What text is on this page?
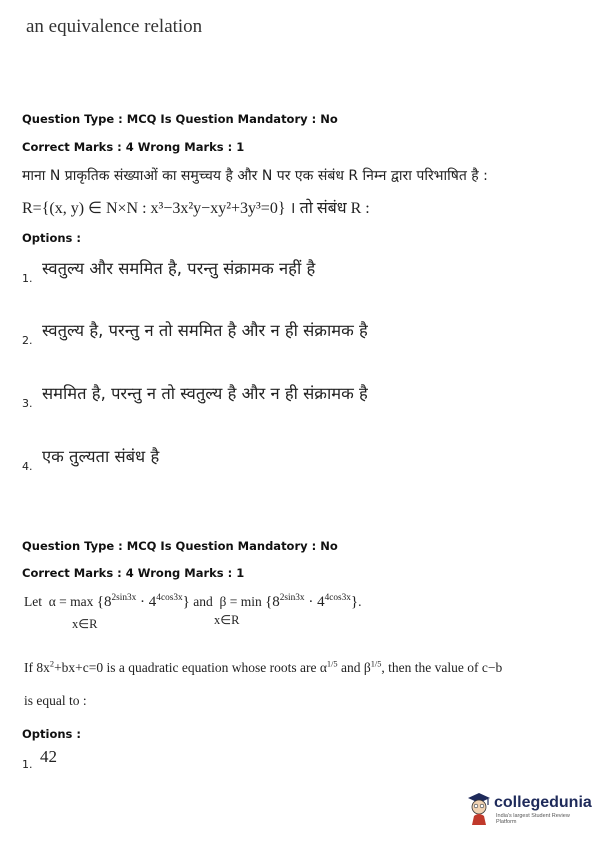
an equivalence relation
Question Type : MCQ Is Question Mandatory : No
Correct Marks : 4 Wrong Marks : 1
माना N प्राकृतिक संख्याओं का समुच्चय है और N पर एक संबंध R निम्न द्वारा परिभाषित है :
R={(x, y) ∈ N×N : x³−3x²y−xy²+3y³=0} । तो संबंध R :
Options :
1.
स्वतुल्य और सममित है, परन्तु संक्रामक नहीं है
2.
स्वतुल्य है, परन्तु न तो सममित है और न ही संक्रामक है
3.
सममित है, परन्तु न तो स्वतुल्य है और न ही संक्रामक है
4.
एक तुल्यता संबंध है
Question Type : MCQ Is Question Mandatory : No
Correct Marks : 4 Wrong Marks : 1
Let  $\alpha = \max \{8^{2sin3x} \cdot 4^{4cos3x}\}$ and  $\beta = \min \{8^{2sin3x} \cdot 4^{4cos3x}\}$.
x∈R	x∈R
If $8x^2+bx+c=0$ is a quadratic equation whose roots are $\alpha^{1/5}$ and $\beta^{1/5}$, then the value of c−b
is equal to :
Options :
1. 42
collegedunia
India's largest Student Review Platform
